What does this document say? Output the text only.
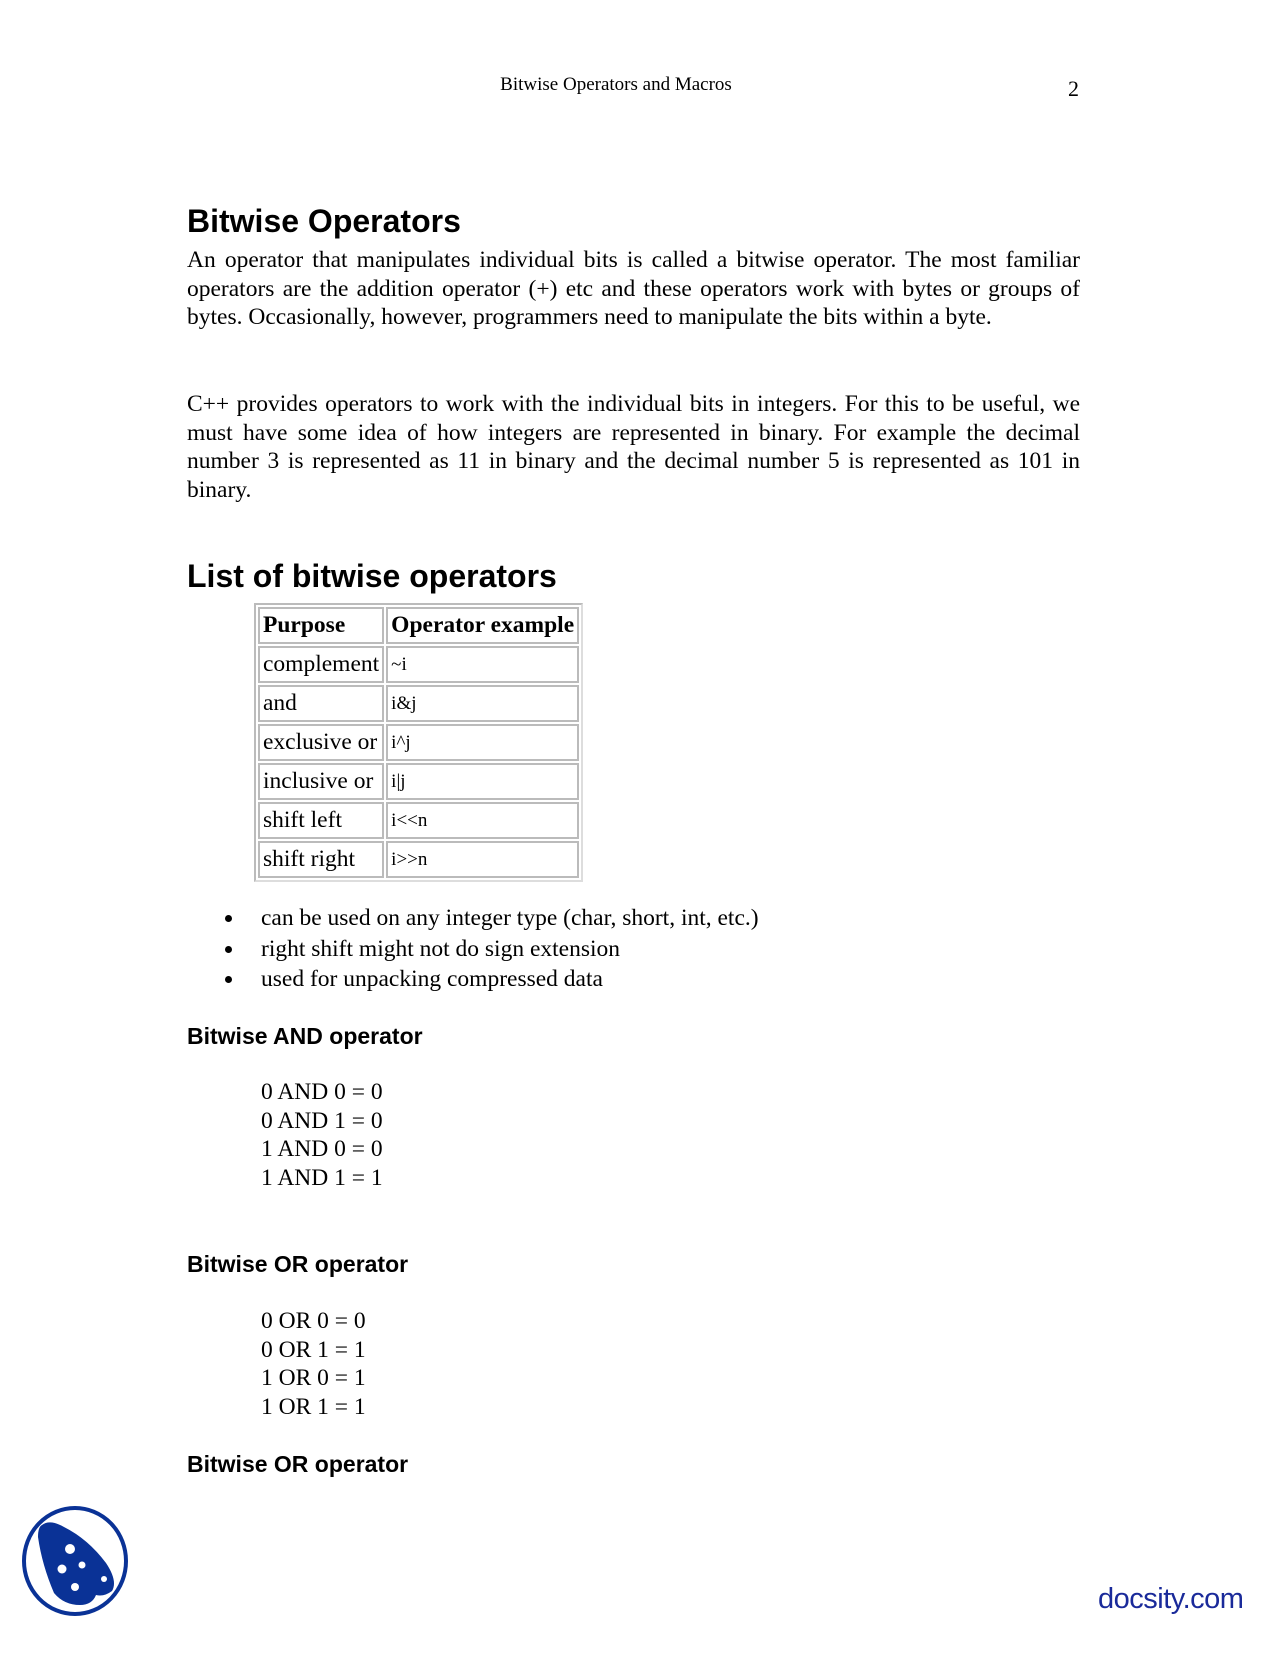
Bitwise Operators and Macros	2
Bitwise Operators

An operator that manipulates individual bits is called a bitwise operator. The most familiar operators are the addition operator (+) etc and these operators work with bytes or groups of bytes. Occasionally, however, programmers need to manipulate the bits within a byte.

C++ provides operators to work with the individual bits in integers. For this to be useful, we must have some idea of how integers are represented in binary. For example the decimal number 3 is represented as 11 in binary and the decimal number 5 is represented as 101 in binary.

List of bitwise operators
Purpose	Operator example
complement	~i
and	i&j
exclusive or	i^j
inclusive or	i|j
shift left	i<<n
shift right	i>>n
can be used on any integer type (char, short, int, etc.)
right shift might not do sign extension
used for unpacking compressed data
Bitwise AND operator
0 AND 0 = 0
0 AND 1 = 0
1 AND 0 = 0
1 AND 1 = 1
Bitwise OR operator
0 OR 0 = 0
0 OR 1 = 1
1 OR 0 = 1
1 OR 1 = 1
Bitwise OR operator
docsity.com
